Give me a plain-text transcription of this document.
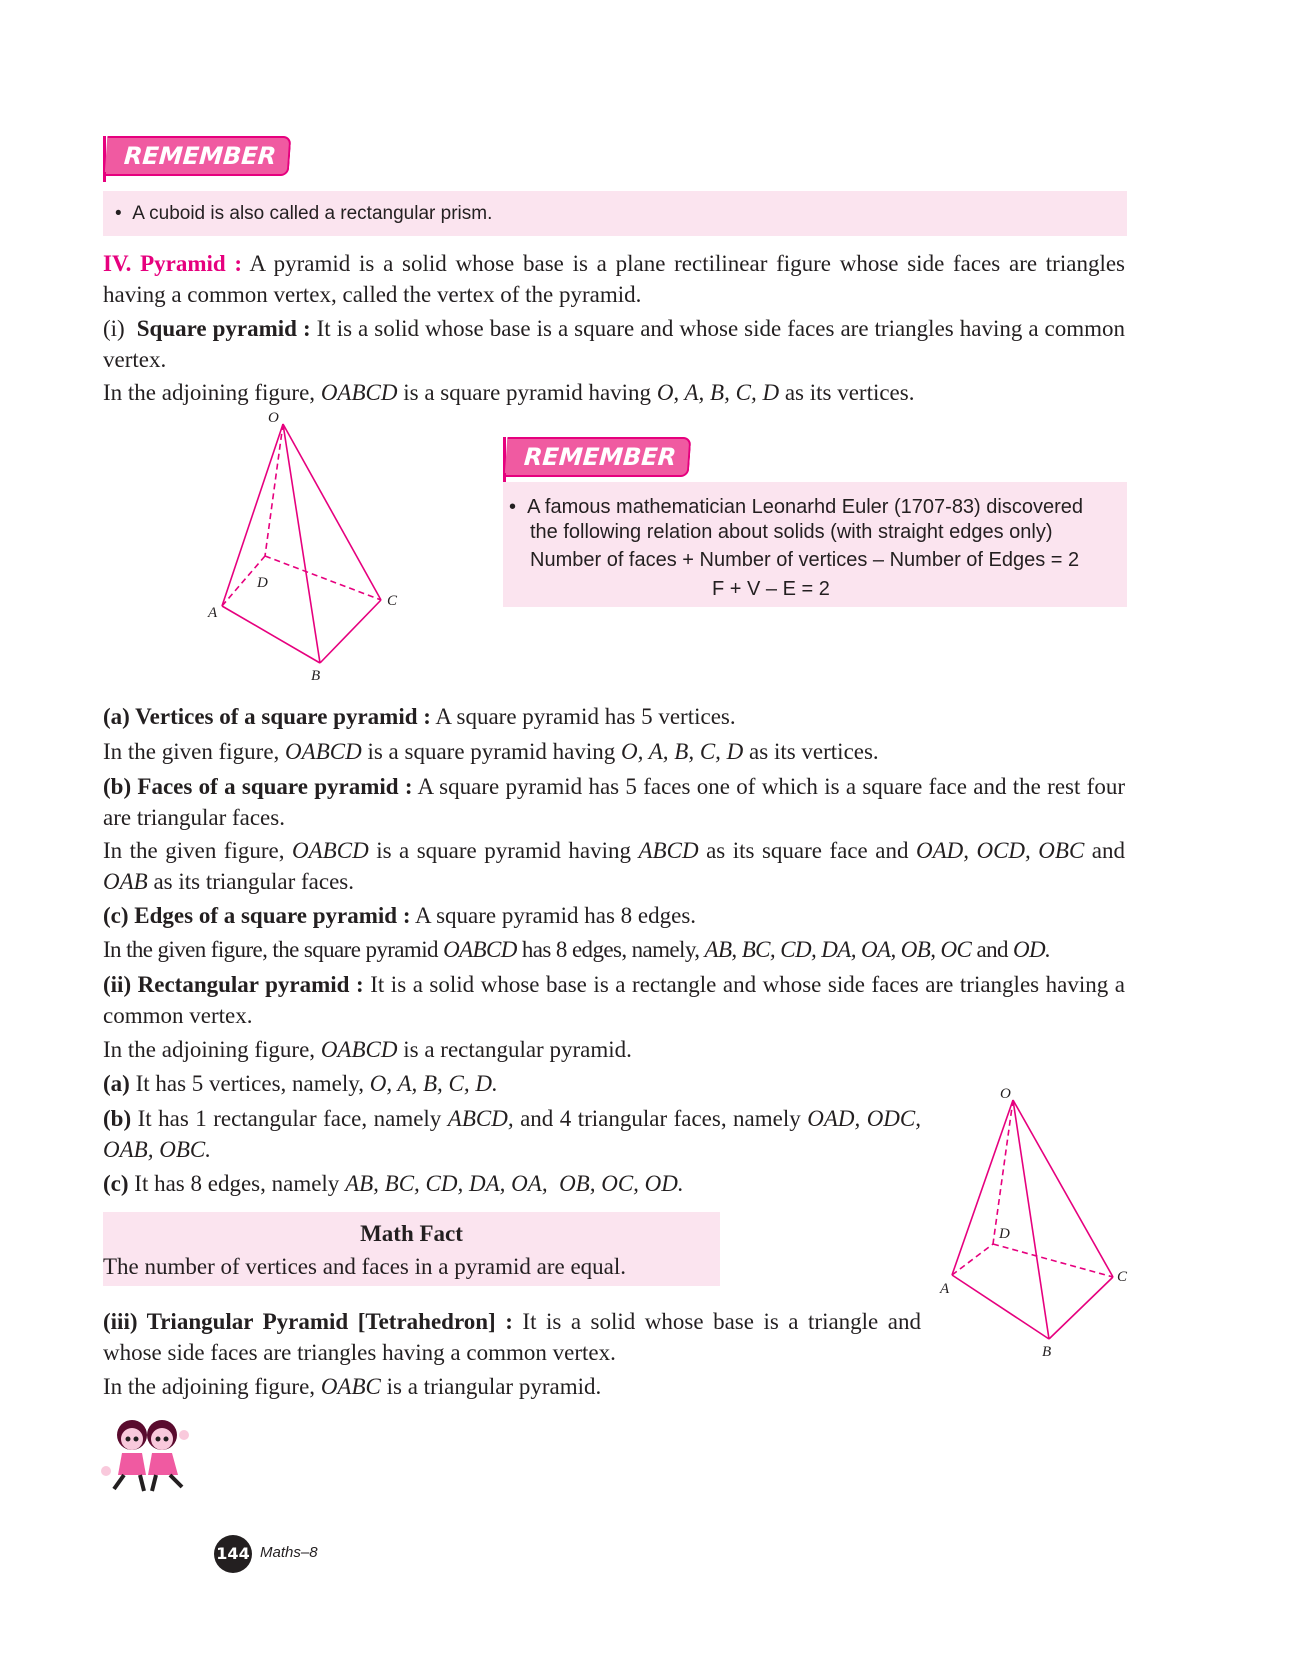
REMEMBER
•  A cuboid is also called a rectangular prism.
IV. Pyramid : A pyramid is a solid whose base is a plane rectilinear figure whose side faces are triangles having a common vertex, called the vertex of the pyramid.
(i) Square pyramid : It is a solid whose base is a square and whose side faces are triangles having a common vertex.
In the adjoining figure, OABCD is a square pyramid having O, A, B, C, D as its vertices.
O
D
A
C
B
REMEMBER
•  A famous mathematician Leonarhd Euler (1707-83) discovered
the following relation about solids (with straight edges only)
Number of faces + Number of vertices – Number of Edges = 2
F + V – E = 2
(a) Vertices of a square pyramid : A square pyramid has 5 vertices.
In the given figure, OABCD is a square pyramid having O, A, B, C, D as its vertices.
(b) Faces of a square pyramid : A square pyramid has 5 faces one of which is a square face and the rest four are triangular faces.
In the given figure, OABCD is a square pyramid having ABCD as its square face and OAD, OCD, OBC and OAB as its triangular faces.
(c) Edges of a square pyramid : A square pyramid has 8 edges.
In the given figure, the square pyramid OABCD has 8 edges, namely, AB, BC, CD, DA, OA, OB, OC and OD.
(ii) Rectangular pyramid : It is a solid whose base is a rectangle and whose side faces are triangles having a common vertex.
In the adjoining figure, OABCD is a rectangular pyramid.
(a) It has 5 vertices, namely, O, A, B, C, D.
(b) It has 1 rectangular face, namely ABCD, and 4 triangular faces, namely OAD, ODC, OAB, OBC.
(c) It has 8 edges, namely AB, BC, CD, DA, OA,  OB, OC, OD.
Math Fact
The number of vertices and faces in a pyramid are equal.
O
D
A
C
B
(iii) Triangular Pyramid [Tetrahedron] : It is a solid whose base is a triangle and whose side faces are triangles having a common vertex.
In the adjoining figure, OABC is a triangular pyramid.
144 Maths–8
